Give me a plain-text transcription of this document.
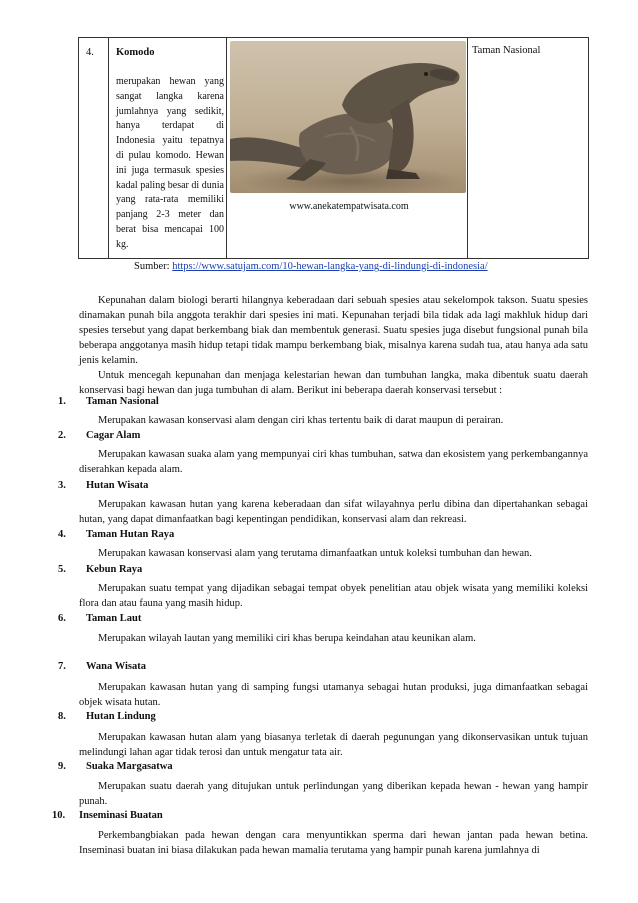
4. Komodo
merupakan hewan yang sangat langka karena jumlahnya yang sedikit, hanya terdapat di Indonesia yaitu tepatnya di pulau komodo. Hewan ini juga termasuk spesies kadal paling besar di dunia yang rata-rata memiliki panjang 2-3 meter dan berat bisa mencapai 100 kg.
www.anekatempatwisata.com
Taman Nasional
Sumber: https://www.satujam.com/10-hewan-langka-yang-di-lindungi-di-indonesia/
Kepunahan dalam biologi berarti hilangnya keberadaan dari sebuah spesies atau sekelompok takson. Suatu spesies dinamakan punah bila anggota terakhir dari spesies ini mati. Kepunahan terjadi bila tidak ada lagi makhluk hidup dari spesies tersebut yang dapat berkembang biak dan membentuk generasi. Suatu spesies juga disebut fungsional punah bila beberapa anggotanya masih hidup tetapi tidak mampu berkembang biak, misalnya karena sudah tua, atau hanya ada satu jenis kelamin.
Untuk mencegah kepunahan dan menjaga kelestarian hewan dan tumbuhan langka, maka dibentuk suatu daerah konservasi bagi hewan dan juga tumbuhan di alam. Berikut ini beberapa daerah konservasi tersebut :
1. Taman Nasional
Merupakan kawasan konservasi alam dengan ciri khas tertentu baik di darat maupun di perairan.
2. Cagar Alam
Merupakan kawasan suaka alam yang mempunyai ciri khas tumbuhan, satwa dan ekosistem yang perkembangannya diserahkan kepada alam.
3. Hutan Wisata
Merupakan kawasan hutan yang karena keberadaan dan sifat wilayahnya perlu dibina dan dipertahankan sebagai hutan, yang dapat dimanfaatkan bagi kepentingan pendidikan, konservasi alam dan rekreasi.
4. Taman Hutan Raya
Merupakan kawasan konservasi alam yang terutama dimanfaatkan untuk koleksi tumbuhan dan hewan.
5. Kebun Raya
Merupakan suatu tempat yang dijadikan sebagai tempat obyek penelitian atau objek wisata yang memiliki koleksi flora dan atau fauna yang masih hidup.
6. Taman Laut
Merupakan wilayah lautan yang memiliki ciri khas berupa keindahan atau keunikan alam.
7. Wana Wisata
Merupakan kawasan hutan yang di samping fungsi utamanya sebagai hutan produksi, juga dimanfaatkan sebagai objek wisata hutan.
8. Hutan Lindung
Merupakan kawasan hutan alam yang biasanya terletak di daerah pegunungan yang dikonservasikan untuk tujuan melindungi lahan agar tidak terosi dan untuk mengatur tata air.
9. Suaka Margasatwa
Merupakan suatu daerah yang ditujukan untuk perlindungan yang diberikan kepada hewan - hewan yang hampir punah.
10. Inseminasi Buatan
Perkembangbiakan pada hewan dengan cara menyuntikkan sperma dari hewan jantan pada hewan betina. Inseminasi buatan ini biasa dilakukan pada hewan mamalia terutama yang hampir punah karena jumlahnya di
